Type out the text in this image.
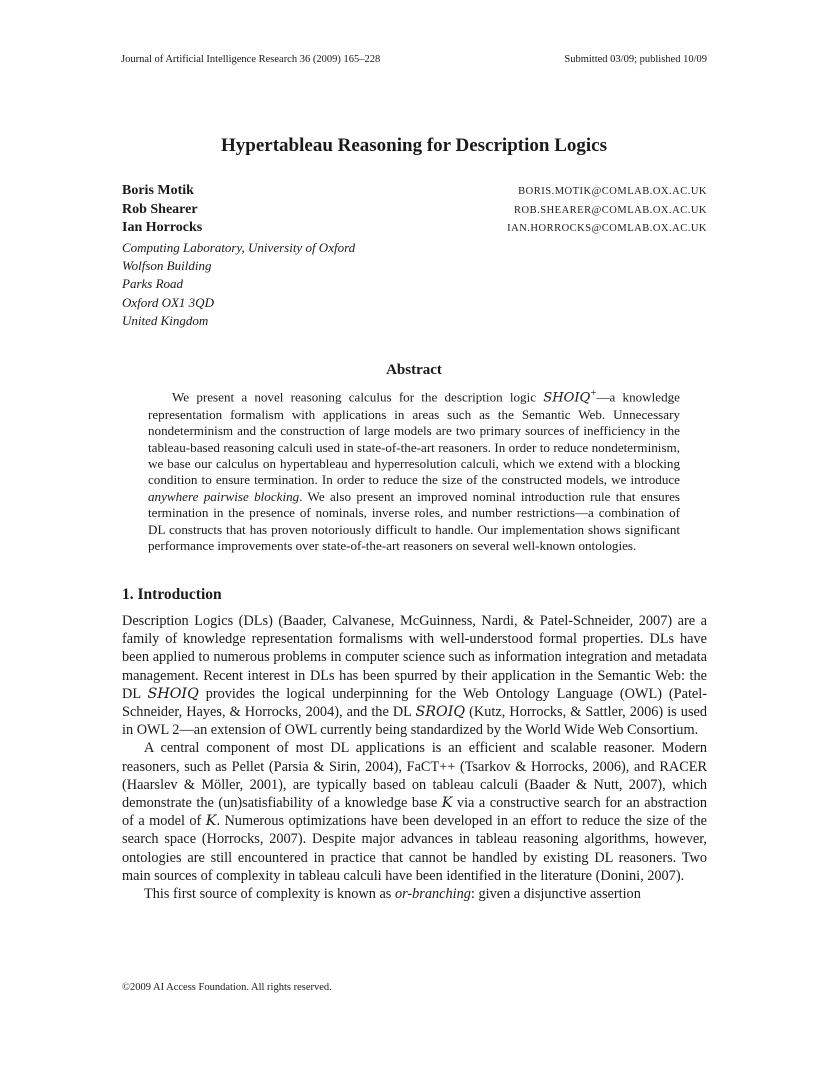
Journal of Artificial Intelligence Research 36 (2009) 165–228	Submitted 03/09; published 10/09
Hypertableau Reasoning for Description Logics
Boris Motik	BORIS.MOTIK@COMLAB.OX.AC.UK
Rob Shearer	ROB.SHEARER@COMLAB.OX.AC.UK
Ian Horrocks	IAN.HORROCKS@COMLAB.OX.AC.UK
Computing Laboratory, University of Oxford
Wolfson Building
Parks Road
Oxford OX1 3QD
United Kingdom
Abstract

We present a novel reasoning calculus for the description logic SHOIQ+—a knowledge representation formalism with applications in areas such as the Semantic Web. Unnecessary nondeterminism and the construction of large models are two primary sources of inefficiency in the tableau-based reasoning calculi used in state-of-the-art reasoners. In order to reduce nondeterminism, we base our calculus on hypertableau and hyperresolution calculi, which we extend with a blocking condition to ensure termination. In order to reduce the size of the constructed models, we introduce anywhere pairwise blocking. We also present an improved nominal introduction rule that ensures termination in the presence of nominals, inverse roles, and number restrictions—a combination of DL constructs that has proven notoriously difficult to handle. Our implementation shows significant performance improvements over state-of-the-art reasoners on several well-known ontologies.

1. Introduction

Description Logics (DLs) (Baader, Calvanese, McGuinness, Nardi, & Patel-Schneider, 2007) are a family of knowledge representation formalisms with well-understood formal properties. DLs have been applied to numerous problems in computer science such as information integration and metadata management. Recent interest in DLs has been spurred by their application in the Semantic Web: the DL SHOIQ provides the logical underpinning for the Web Ontology Language (OWL) (Patel-Schneider, Hayes, & Horrocks, 2004), and the DL SROIQ (Kutz, Horrocks, & Sattler, 2006) is used in OWL 2—an extension of OWL currently being standardized by the World Wide Web Consortium.

A central component of most DL applications is an efficient and scalable reasoner. Modern reasoners, such as Pellet (Parsia & Sirin, 2004), FaCT++ (Tsarkov & Horrocks, 2006), and RACER (Haarslev & Möller, 2001), are typically based on tableau calculi (Baader & Nutt, 2007), which demonstrate the (un)satisfiability of a knowledge base K via a constructive search for an abstraction of a model of K. Numerous optimizations have been developed in an effort to reduce the size of the search space (Horrocks, 2007). Despite major advances in tableau reasoning algorithms, however, ontologies are still encountered in practice that cannot be handled by existing DL reasoners. Two main sources of complexity in tableau calculi have been identified in the literature (Donini, 2007).

This first source of complexity is known as or-branching: given a disjunctive assertion

©2009 AI Access Foundation. All rights reserved.
